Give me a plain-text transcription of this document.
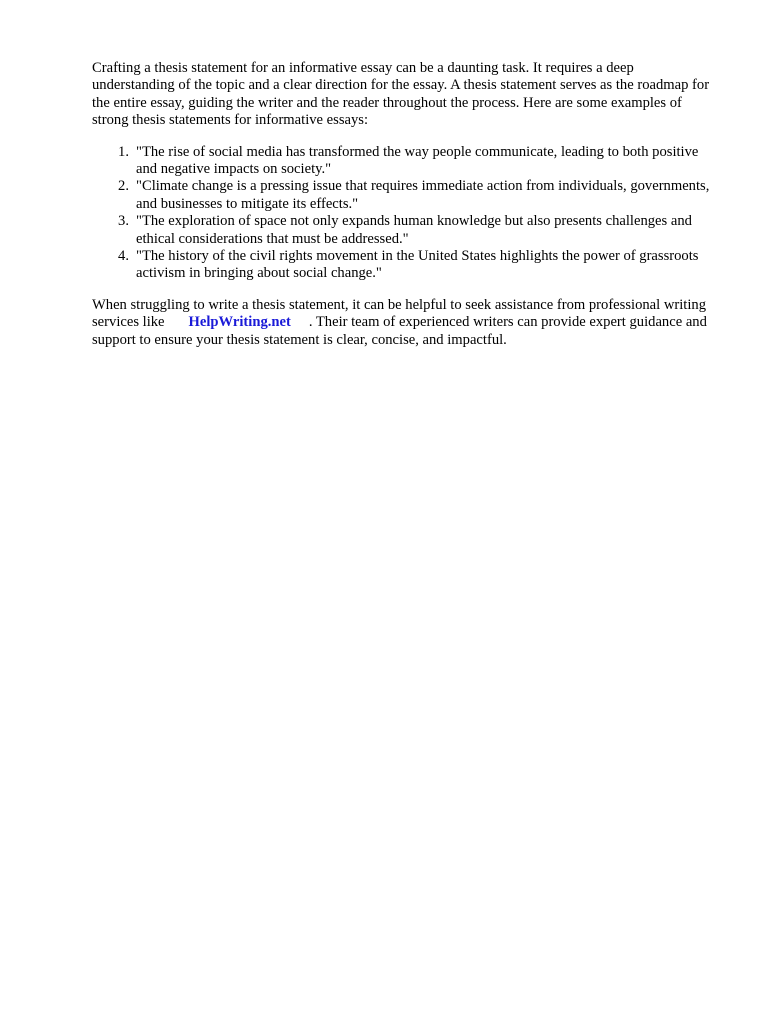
Crafting a thesis statement for an informative essay can be a daunting task. It requires a deep understanding of the topic and a clear direction for the essay. A thesis statement serves as the roadmap for the entire essay, guiding the writer and the reader throughout the process. Here are some examples of strong thesis statements for informative essays:

1. "The rise of social media has transformed the way people communicate, leading to both positive and negative impacts on society."
2. "Climate change is a pressing issue that requires immediate action from individuals, governments, and businesses to mitigate its effects."
3. "The exploration of space not only expands human knowledge but also presents challenges and ethical considerations that must be addressed."
4. "The history of the civil rights movement in the United States highlights the power of grassroots activism in bringing about social change."

When struggling to write a thesis statement, it can be helpful to seek assistance from professional writing services like HelpWriting.net . Their team of experienced writers can provide expert guidance and support to ensure your thesis statement is clear, concise, and impactful.
